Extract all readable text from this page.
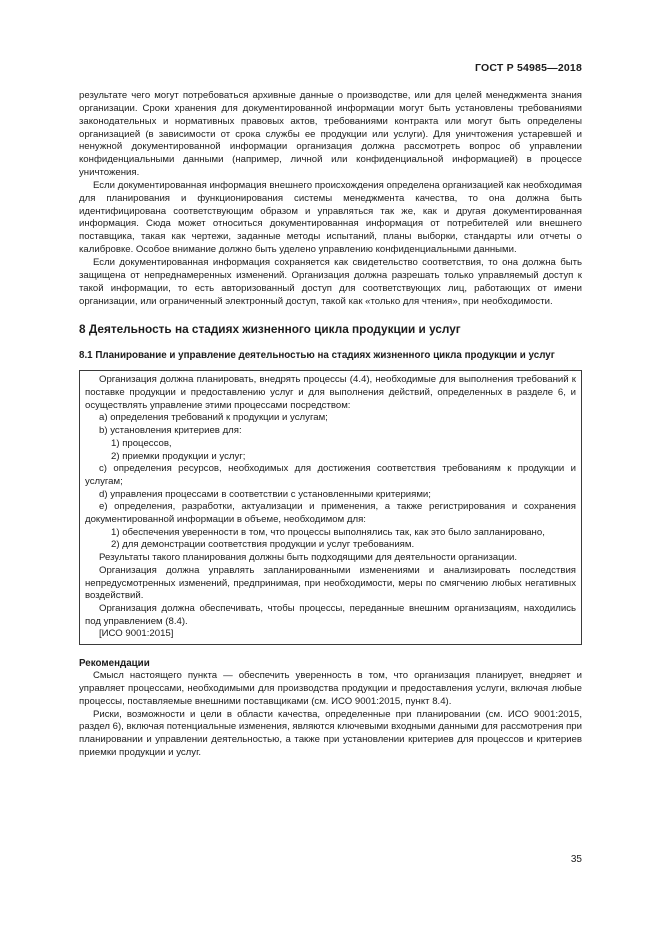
ГОСТ Р 54985—2018

результате чего могут потребоваться архивные данные о производстве, или для целей менеджмента знания организации. Сроки хранения для документированной информации могут быть установлены требованиями законодательных и нормативных правовых актов, требованиями контракта или могут быть определены организацией (в зависимости от срока службы ее продукции или услуги). Для уничтожения устаревшей и ненужной документированной информации организация должна рассмотреть вопрос об управлении конфиденциальными данными (например, личной или конфиденциальной информацией) в процессе уничтожения.

Если документированная информация внешнего происхождения определена организацией как необходимая для планирования и функционирования системы менеджмента качества, то она должна быть идентифицирована соответствующим образом и управляться так же, как и другая документированная информация. Сюда может относиться документированная информация от потребителей или внешнего поставщика, такая как чертежи, заданные методы испытаний, планы выборки, стандарты или отчеты о калибровке. Особое внимание должно быть уделено управлению конфиденциальными данными.

Если документированная информация сохраняется как свидетельство соответствия, то она должна быть защищена от непреднамеренных изменений. Организация должна разрешать только управляемый доступ к такой информации, то есть авторизованный доступ для соответствующих лиц, работающих от имени организации, или ограниченный электронный доступ, такой как «только для чтения», при необходимости.

8 Деятельность на стадиях жизненного цикла продукции и услуг
8.1 Планирование и управление деятельностью на стадиях жизненного цикла продукции и услуг

Организация должна планировать, внедрять процессы (4.4), необходимые для выполнения требований к поставке продукции и предоставлению услуг и для выполнения действий, определенных в разделе 6, и осуществлять управление этими процессами посредством:

a) определения требований к продукции и услугам;

b) установления критериев для:

1) процессов,

2) приемки продукции и услуг;

c) определения ресурсов, необходимых для достижения соответствия требованиям к продукции и услугам;

d) управления процессами в соответствии с установленными критериями;

e) определения, разработки, актуализации и применения, а также регистрирования и сохранения документированной информации в объеме, необходимом для:

1) обеспечения уверенности в том, что процессы выполнялись так, как это было запланировано,

2) для демонстрации соответствия продукции и услуг требованиям.

Результаты такого планирования должны быть подходящими для деятельности организации.

Организация должна управлять запланированными изменениями и анализировать последствия непредусмотренных изменений, предпринимая, при необходимости, меры по смягчению любых негативных воздействий.

Организация должна обеспечивать, чтобы процессы, переданные внешним организациям, находились под управлением (8.4).

[ИСО 9001:2015]

Рекомендации

Смысл настоящего пункта — обеспечить уверенность в том, что организация планирует, внедряет и управляет процессами, необходимыми для производства продукции и предоставления услуги, включая любые процессы, поставляемые внешними поставщиками (см. ИСО 9001:2015, пункт 8.4).

Риски, возможности и цели в области качества, определенные при планировании (см. ИСО 9001:2015, раздел 6), включая потенциальные изменения, являются ключевыми входными данными для рассмотрения при планировании и управлении деятельностью, а также при установлении критериев для процессов и критериев приемки продукции и услуг.

35
